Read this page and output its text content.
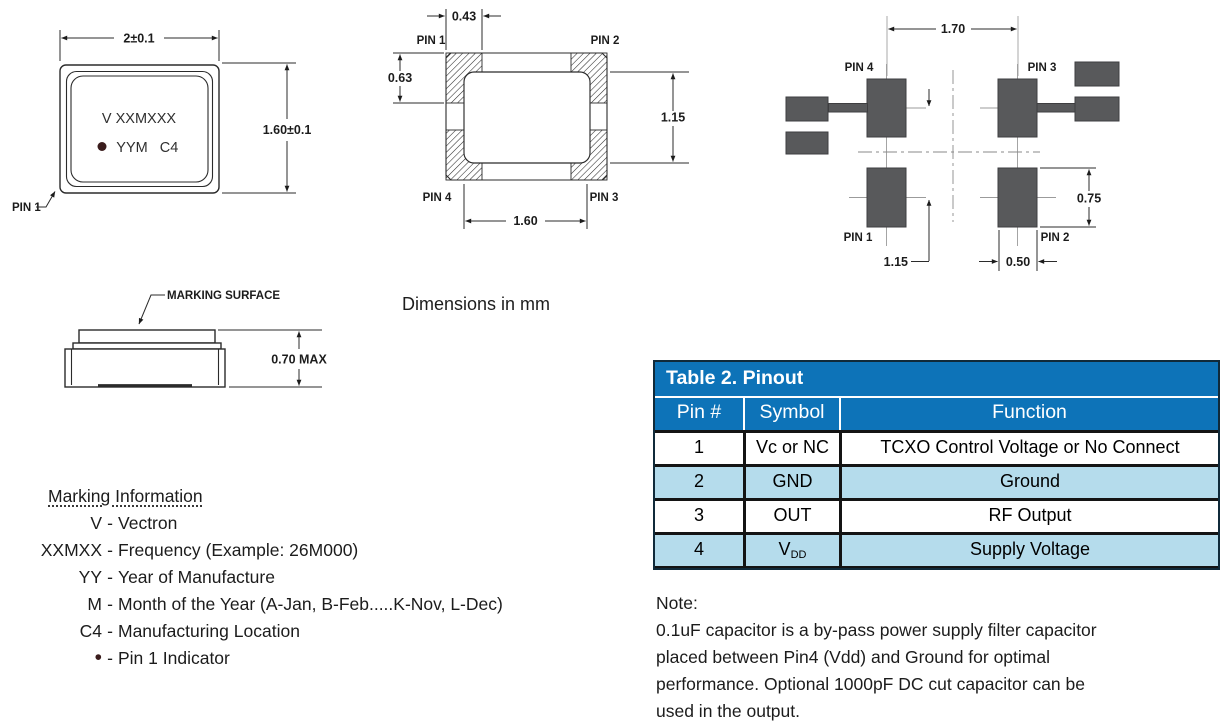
2±0.1
V XXMXXX
YYM C4
1.60±0.1
PIN 1
0.43
PIN 1	PIN 2
0.63
1.15
PIN 4	PIN 3
1.60
1.70
PIN 4	PIN 3
0.75
1.15	0.50
PIN 1	PIN 2
MARKING SURFACE
0.70 MAX
Dimensions in mm
Table 2. Pinout
Pin #	Symbol	Function
1	Vc or NC	TCXO Control Voltage or No Connect
2	GND	Ground
3	OUT	RF Output
4	VDD	Supply Voltage
Marking Information
V - Vectron
XXMXX - Frequency (Example: 26M000)
YY - Year of Manufacture
M - Month of the Year (A-Jan, B-Feb.....K-Nov, L-Dec)
C4 - Manufacturing Location
• - Pin 1 Indicator
Note:
0.1uF capacitor is a by-pass power supply filter capacitor
placed between Pin4 (Vdd) and Ground for optimal
performance. Optional 1000pF DC cut capacitor can be
used in the output.
